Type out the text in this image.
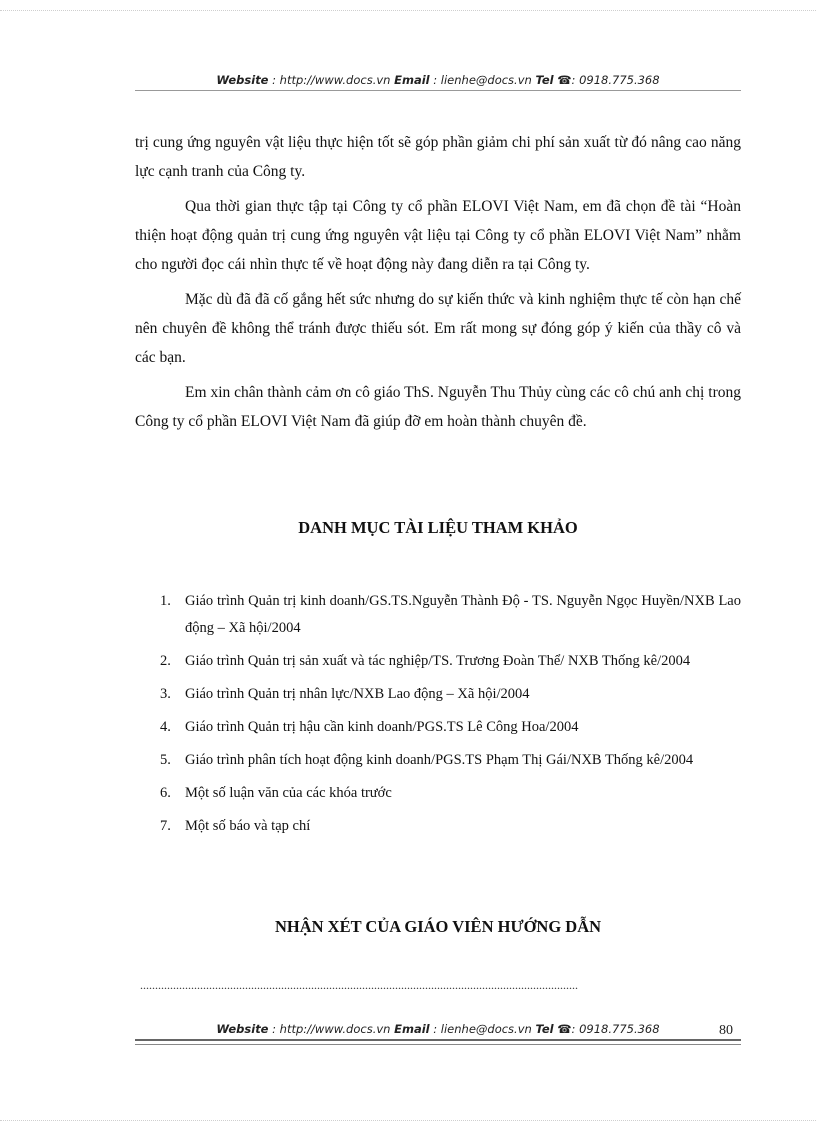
Website : http://www.docs.vn Email : lienhe@docs.vn Tel ☎: 0918.775.368

trị cung ứng nguyên vật liệu thực hiện tốt sẽ góp phần giảm chi phí sản xuất từ đó nâng cao năng lực cạnh tranh của Công ty.

Qua thời gian thực tập tại Công ty cổ phần ELOVI Việt Nam, em đã chọn đề tài “Hoàn thiện hoạt động quản trị cung ứng nguyên vật liệu tại Công ty cổ phần ELOVI Việt Nam” nhằm cho người đọc cái nhìn thực tế về hoạt động này đang diễn ra tại Công ty.

Mặc dù đã đã cố gắng hết sức nhưng do sự kiến thức và kinh nghiệm thực tế còn hạn chế nên chuyên đề không thể tránh được thiếu sót. Em rất mong sự đóng góp ý kiến của thầy cô và các bạn.

Em xin chân thành cảm ơn cô giáo ThS. Nguyễn Thu Thủy cùng các cô chú anh chị trong Công ty cổ phần ELOVI Việt Nam đã giúp đỡ em hoàn thành chuyên đề.

DANH MỤC TÀI LIỆU THAM KHẢO
1. Giáo trình Quản trị kinh doanh/GS.TS.Nguyễn Thành Độ - TS. Nguyễn Ngọc Huyền/NXB Lao động – Xã hội/2004
2. Giáo trình Quản trị sản xuất và tác nghiệp/TS. Trương Đoàn Thể/ NXB Thống kê/2004
3. Giáo trình Quản trị nhân lực/NXB Lao động – Xã hội/2004
4. Giáo trình Quản trị hậu cần kinh doanh/PGS.TS Lê Công Hoa/2004
5. Giáo trình phân tích hoạt động kinh doanh/PGS.TS Phạm Thị Gái/NXB Thống kê/2004
6. Một số luận văn của các khóa trước
7. Một số báo và tạp chí
NHẬN XÉT CỦA GIÁO VIÊN HƯỚNG DẪN
..................................................................................................................................................
Website : http://www.docs.vn Email : lienhe@docs.vn Tel ☎: 0918.775.368	80
